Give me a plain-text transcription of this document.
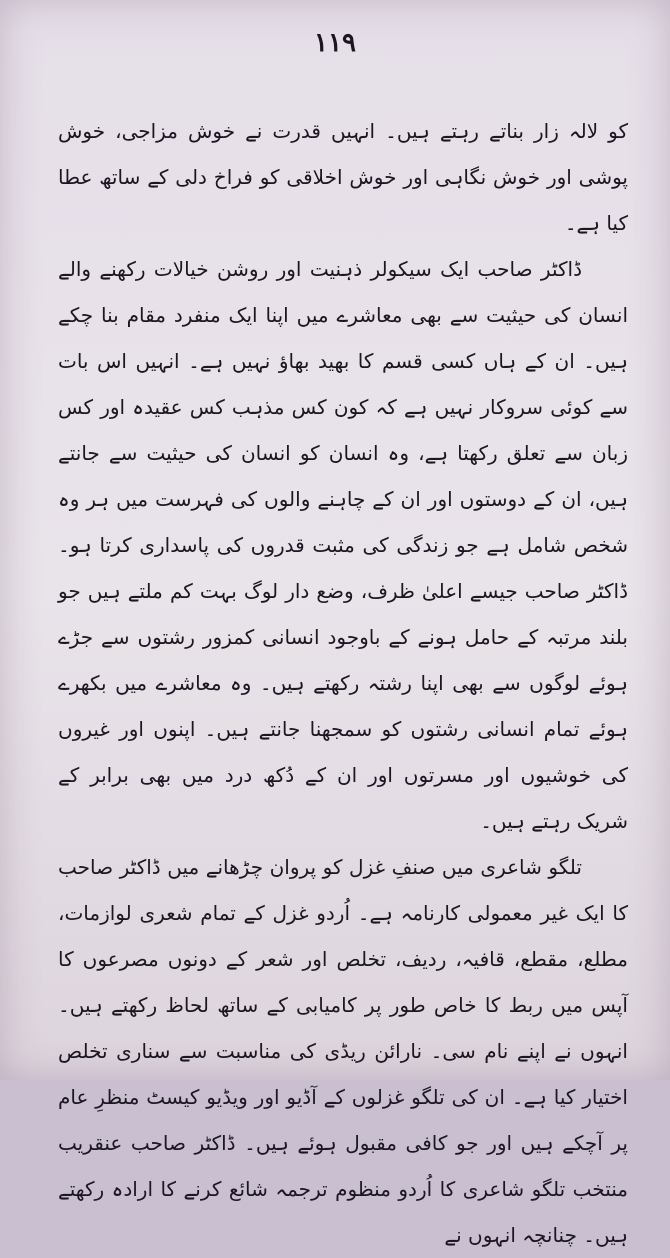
۱۱۹

کو لالہ زار بناتے رہتے ہیں۔ انہیں قدرت نے خوش مزاجی، خوش پوشی اور خوش نگاہی اور خوش اخلاقی کو فراخ دلی کے ساتھ عطا کیا ہے۔

ڈاکٹر صاحب ایک سیکولر ذہنیت اور روشن خیالات رکھنے والے انسان کی حیثیت سے بھی معاشرے میں اپنا ایک منفرد مقام بنا چکے ہیں۔ ان کے ہاں کسی قسم کا بھید بھاؤ نہیں ہے۔ انہیں اس بات سے کوئی سروکار نہیں ہے کہ کون کس مذہب کس عقیدہ اور کس زبان سے تعلق رکھتا ہے، وہ انسان کو انسان کی حیثیت سے جانتے ہیں، ان کے دوستوں اور ان کے چاہنے والوں کی فہرست میں ہر وہ شخص شامل ہے جو زندگی کی مثبت قدروں کی پاسداری کرتا ہو۔ ڈاکٹر صاحب جیسے اعلیٰ ظرف، وضع دار لوگ بہت کم ملتے ہیں جو بلند مرتبہ کے حامل ہونے کے باوجود انسانی کمزور رشتوں سے جڑے ہوئے لوگوں سے بھی اپنا رشتہ رکھتے ہیں۔ وہ معاشرے میں بکھرے ہوئے تمام انسانی رشتوں کو سمجھنا جانتے ہیں۔ اپنوں اور غیروں کی خوشیوں اور مسرتوں اور ان کے دُکھ درد میں بھی برابر کے شریک رہتے ہیں۔

تلگو شاعری میں صنفِ غزل کو پروان چڑھانے میں ڈاکٹر صاحب کا ایک غیر معمولی کارنامہ ہے۔ اُردو غزل کے تمام شعری لوازمات، مطلع، مقطع، قافیہ، ردیف، تخلص اور شعر کے دونوں مصرعوں کا آپس میں ربط کا خاص طور پر کامیابی کے ساتھ لحاظ رکھتے ہیں۔ انہوں نے اپنے نام سی۔ نارائن ریڈی کی مناسبت سے سناری تخلص اختیار کیا ہے۔ ان کی تلگو غزلوں کے آڈیو اور ویڈیو کیسٹ منظرِ عام پر آچکے ہیں اور جو کافی مقبول ہوئے ہیں۔ ڈاکٹر صاحب عنقریب منتخب تلگو شاعری کا اُردو منظوم ترجمہ شائع کرنے کا ارادہ رکھتے ہیں۔ چنانچہ انہوں نے
